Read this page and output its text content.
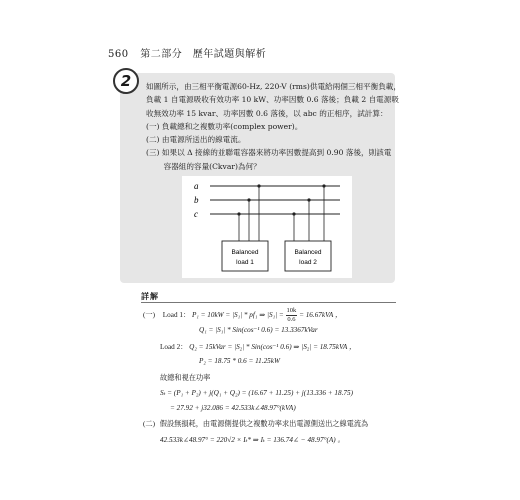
560 第二部分　歷年試題與解析
2	如圖所示，由三相平衡電源60-Hz, 220-V (rms)供電給兩個三相平衡負載，
負載 1 自電源吸收有效功率 10 kW、功率因數 0.6 落後；負載 2 自電源吸
收無效功率 15 kvar、功率因數 0.6 落後，以 abc 的正相序，試計算：
(一) 負載總和之複數功率(complex power)。
(二) 由電源所送出的線電流。
(三) 如果以 Δ 接線的並聯電容器來將功率因數提高到 0.90 落後，則該電
　　 容器組的容量(Ckvar)為何？
a
b
c
Balanced
load 1
Balanced
load 2
詳解
(一) Load 1： P₁ = 10kW = |S₁| * pf₁ ⇒ $|S_1| = \frac{10k}{0.6} = 16.67kVA$ ，
Q₁ = |S₁| * Sin(cos⁻¹ 0.6) = 13.3367kVar
Load 2： Q₂ = 15kVar = |S₂| * Sin(cos⁻¹ 0.6) ⇒ |S₂| = 18.75kVA ，
P₂ = 18.75 * 0.6 = 11.25kW
故總和視在功率
Sₜ = (P₁ + P₂) + j(Q₁ + Q₂) = (16.67 + 11.25) + j(13.336 + 18.75)
= 27.92 + j32.086 = 42.533k∠48.97°(kVA)
(二) 假設無損耗，由電源側提供之複數功率求出電源側送出之線電流為
42.533k∠48.97° = 220√2 × Iₜ* ⇒ Iₜ = 136.74∠ − 48.97°(A) 。
